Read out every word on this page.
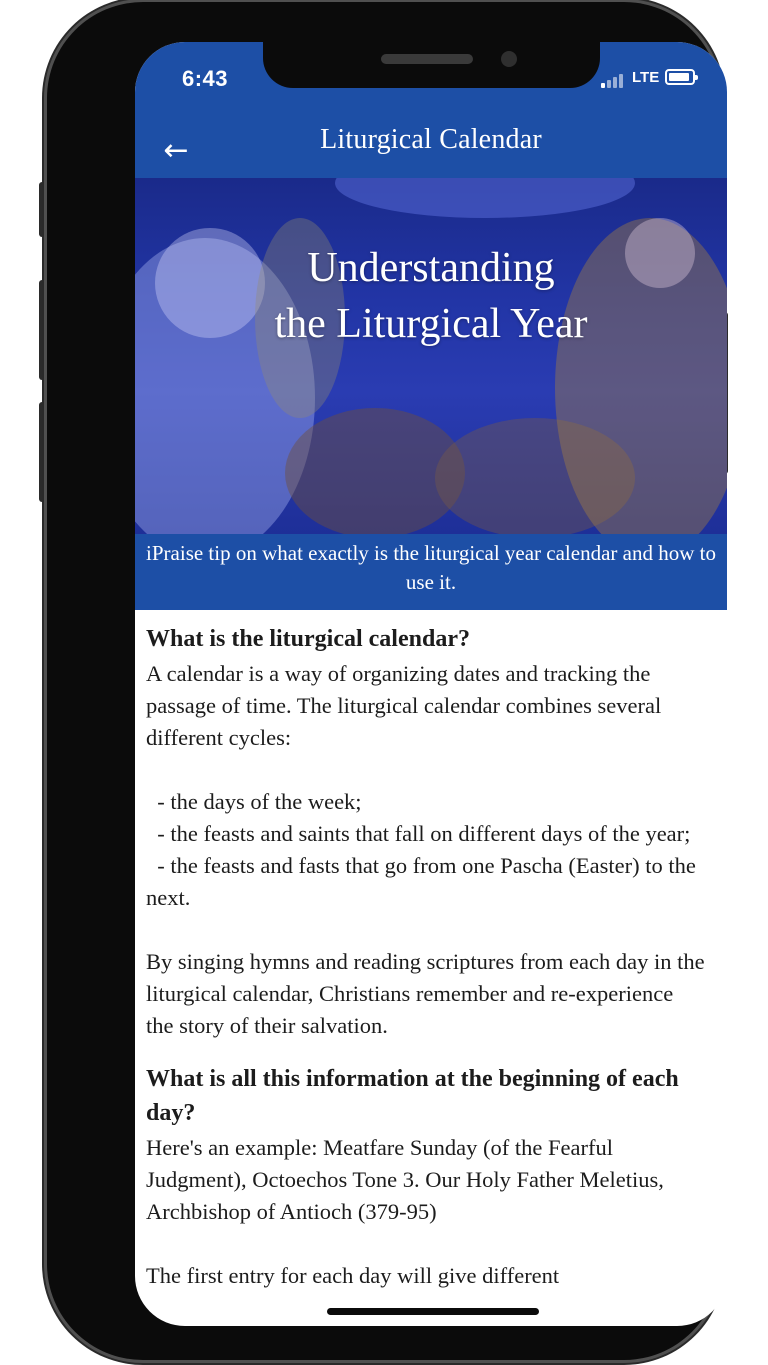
6:43	LTE
←	Liturgical Calendar
Understanding
the Liturgical Year
iPraise tip on what exactly is the liturgical year calendar and how to use it.
What is the liturgical calendar?

A calendar is a way of organizing dates and tracking the passage of time. The liturgical calendar combines several different cycles:

- the days of the week;
- the feasts and saints that fall on different days of the year;
- the feasts and fasts that go from one Pascha (Easter) to the next.

By singing hymns and reading scriptures from each day in the liturgical calendar, Christians remember and re-experience the story of their salvation.

What is all this information at the beginning of each day?

Here's an example: Meatfare Sunday (of the Fearful Judgment), Octoechos Tone 3. Our Holy Father Meletius, Archbishop of Antioch (379-95)

The first entry for each day will give different
